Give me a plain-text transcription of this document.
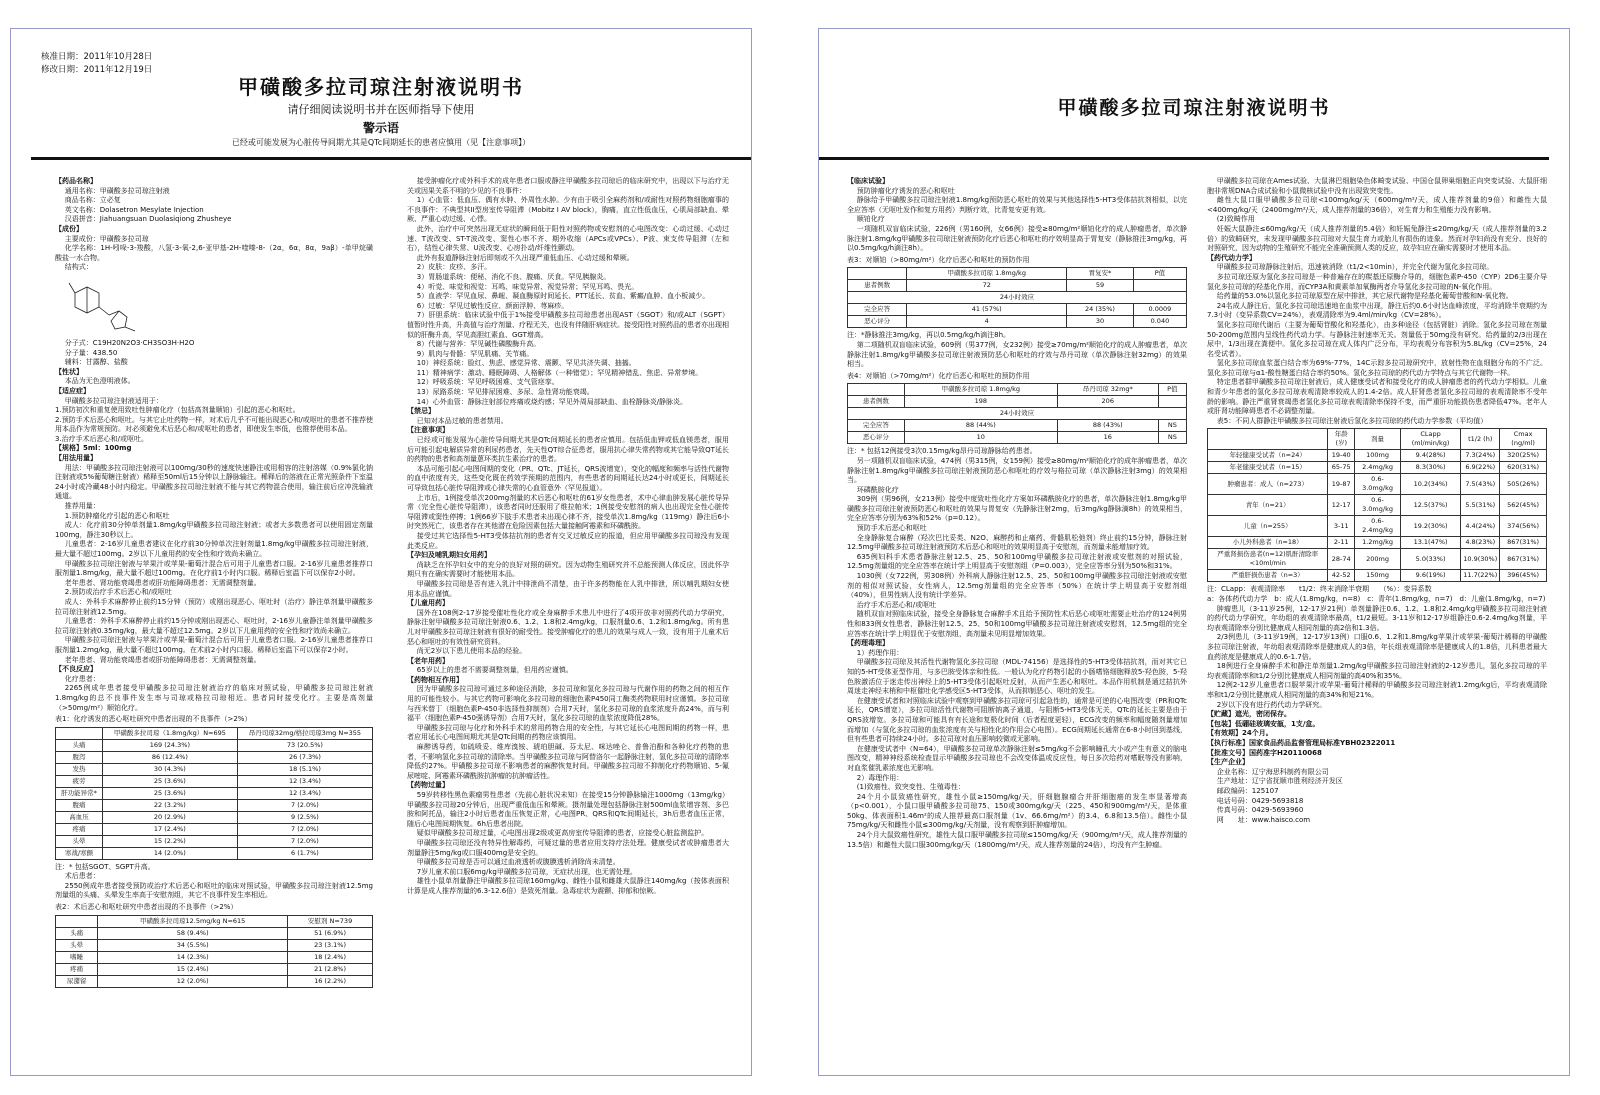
核准日期：2011年10月28日
修改日期：2011年12月19日
甲磺酸多拉司琼注射液说明书
请仔细阅读说明书并在医师指导下使用
警示语
已经或可能发展为心脏传导间期尤其是QTc间期延长的患者应慎用（见【注意事项】）

【药品名称】

通用名称：甲磺酸多拉司琼注射液

商品名称：立必复

英文名称：Dolasetron Mesylate Injection

汉语拼音：Jiahuangsuan Duolasiqiong Zhusheye

【成份】

主要成份：甲磺酸多拉司琼

化学名称：1H-吲哚-3-羧酸，八氢-3-氧-2,6-亚甲基-2H-喹嗪-8-（2α，6α，8α，9aβ）-单甲烷磺酸盐一水合物。

结构式：

分子式：C19H20N2O3·CH3SO3H·H2O

分子量：438.50

辅料：甘露醇、盐酸

【性状】

本品为无色澄明液体。

【适应症】

甲磺酸多拉司琼注射液适用于：

1.预防初次和重复使用致吐性肿瘤化疗（包括高剂量顺铂）引起的恶心和呕吐。

2.预防手术后恶心和呕吐。与其它止吐药物一样，对术后几乎不可能出现恶心和/或呕吐的患者不推荐使用本品作为常规预防。对必须避免术后恶心和/或呕吐的患者，即使发生率低，也推荐使用本品。

3.治疗手术后恶心和/或呕吐。

【规格】5ml：100mg

【用法用量】

用法：甲磺酸多拉司琼注射液可以100mg/30秒的速度快速静注或用相容的注射溶媒（0.9%氯化钠注射液或5%葡萄糖注射液）稀释至50ml后15分钟以上静脉输注。稀释后的溶液在正常光照条件下室温24小时或冷藏48小时内稳定。甲磺酸多拉司琼注射液不能与其它药物混合使用，输注前后应冲洗输液通道。

推荐用量：

1.预防肿瘤化疗引起的恶心和呕吐

成人：化疗前30分钟单剂量1.8mg/kg甲磺酸多拉司琼注射液；或者大多数患者可以使用固定剂量100mg，静注30秒以上。

儿童患者：2-16岁儿童患者建议在化疗前30分钟单次注射剂量1.8mg/kg甲磺酸多拉司琼注射液，最大量不超过100mg。2岁以下儿童用药的安全性和疗效尚未确立。

甲磺酸多拉司琼注射液与苹果汁或苹果-葡萄汁混合后可用于儿童患者口服。2-16岁儿童患者推荐口服剂量1.8mg/kg，最大量不超过100mg。在化疗前1小时内口服。稀释后室温下可以保存2小时。

老年患者、肾功能衰竭患者或肝功能障碍患者：无需调整剂量。

2.预防或治疗手术后恶心和/或呕吐

成人：外科手术麻醉停止前约15分钟（预防）或刚出现恶心、呕吐时（治疗）静注单剂量甲磺酸多拉司琼注射液12.5mg。

儿童患者：外科手术麻醉停止前约15分钟或刚出现恶心、呕吐时，2-16岁儿童静注单剂量甲磺酸多拉司琼注射液0.35mg/kg，最大量不超过12.5mg。2岁以下儿童用药的安全性和疗效尚未确立。

甲磺酸多拉司琼注射液与苹果汁或苹果-葡萄汁混合后可用于儿童患者口服。2-16岁儿童患者推荐口服剂量1.2mg/kg，最大量不超过100mg。在术前2小时内口服。稀释后室温下可以保存2小时。

老年患者、肾功能衰竭患者或肝功能障碍患者：无需调整剂量。

【不良反应】

化疗患者：

2265例成年患者接受甲磺酸多拉司琼注射液治疗的临床对照试验，甲磺酸多拉司琼注射液1.8mg/kg的总不良事件发生率与司琼或格拉司琼相近。患者同时接受化疗。主要是高剂量（>50mg/m²）顺铂化疗。

表1：化疗诱发的恶心呕吐研究中患者出现的不良事件（>2%）
	甲磺酸多拉司琼（1.8mg/kg）N=695	昂丹司琼32mg/格拉司琼3mg N=355
头痛	169 (24.3%)	73 (20.5%)
腹泻	86 (12.4%)	26 (7.3%)
发热	30 (4.3%)	18 (5.1%)
疲劳	25 (3.6%)	12 (3.4%)
肝功能异常*	25 (3.6%)	12 (3.4%)
腹痛	22 (3.2%)	7 (2.0%)
高血压	20 (2.9%)	9 (2.5%)
疼痛	17 (2.4%)	7 (2.0%)
头晕	15 (2.2%)	7 (2.0%)
寒战/寒颤	14 (2.0%)	6 (1.7%)
注：* 包括SGOT、SGPT升高。

术后患者：

2550例成年患者接受预防或治疗术后恶心和呕吐的临床对照试验，甲磺酸多拉司琼注射液12.5mg剂量组的头痛、头晕发生率高于安慰剂组，其它不良事件发生率相近。

表2：术后恶心和呕吐研究中患者出现的不良事件（>2%）
	甲磺酸多拉司琼12.5mg/kg N=615	安慰剂 N=739
头痛	58 (9.4%)	51 (6.9%)
头晕	34 (5.5%)	23 (3.1%)
嗜睡	14 (2.3%)	18 (2.4%)
疼痛	15 (2.4%)	21 (2.8%)
尿潴留	12 (2.0%)	16 (2.2%)

接受肿瘤化疗或外科手术的成年患者口服或静注甲磺酸多拉司琼后的临床研究中，出现以下与治疗无关或因果关系不明的少见的不良事件：

1）心血管：低血压、偶有水肿、外周性水肿。少有由于吸引全麻药剂和/或耐性对照药物细胞瘤事的不良事件：不典型其II型房室传导阻滞（Mobitz I AV block），胸痛，直立性低血压，心肌局部缺血、晕厥、严重心动过缓、心悸。

此外，治疗中可突然出现无症状的瞬间低于阳性对照药物或安慰剂的心电图改变：心动过缓、心动过速、T波改变、ST-T波改变、窦性心率不齐、期外收缩（APCs或VPCs）、P波、束支传导阻滞（左和右），结性心律失常、U波改变、心房扑动/纤维性颤动。

此外有报道静脉注射后即刻或不久出现严重低血压、心动过缓和晕厥。

2）皮肤：皮疹、多汗。

3）胃肠道系统：便秘、消化不良、腹痛、厌食。罕见胰腺炎。

4）听觉、味觉和视觉：耳鸣、味觉异常、视觉异常；罕见耳鸣、畏光。

5）血液学：罕见血尿、鼻衄、凝血酶原时间延长、PTT延长、贫血、紫癜/血肿、血小板减少。

6）过敏：罕见过敏性反应、颜面浮肿、荨麻疹。

7）肝胆系统：临床试验中低于1%接受甲磺酸多拉司琼患者出现AST（SGOT）和/或ALT（SGPT）值暂时性升高，升高值与治疗剂量、疗程无关，也没有伴随肝病症状。接受阳性对照药品的患者亦出现相似的肝酶升高，罕见高胆红素血、GGT增高。

8）代谢与营养：罕见碱性磷酸酶升高。

9）肌肉与骨骼：罕见肌痛、关节痛。

10）神经系统：脸红、焦虑、感觉异常、震颤、罕见共济失调、抽搐。

11）精神病学：激动、睡眠障碍、人格解体（一种错觉）；罕见精神错乱、焦虑、异常梦境。

12）呼吸系统：罕见呼吸困难、支气管痉挛。

13）尿路系统：罕见排尿困难、多尿、急性肾功能衰竭。

14）心外血管：静脉注射部位疼痛或烧灼感；罕见外周局部缺血、血栓静脉炎/静脉炎。

【禁忌】

已知对本品过敏的患者禁用。

【注意事项】

已经或可能发展为心脏传导间期尤其是QTc间期延长的患者应慎用。包括低血钾或低血镁患者，服用后可能引起电解质异常的利尿药患者，先天性QT综合征患者，服用抗心律失常药物或其它能导致QT延长的药物的患者和高剂量蒽环类抗生素治疗的患者。

本品可能引起心电图间期的变化（PR、QTc、JT延长，QRS波增宽），变化的幅度和频率与活性代谢物的血中浓度有关，这些变化既在药效学预期的范围内，有些患者的间期延长达24小时或更长，间期延长可导致包括心脏传导阻滞或心律失常的心血管意外（罕见报道）。

上市后，1例接受单次200mg剂量的术后恶心和呕吐的61岁女性患者，术中心律血肿发展心脏传导异常（完全性心脏传导阻滞），该患者同时还服用了维拉帕米；1例接受安慰剂的病人也出现完全性心脏传导阻滞或窦性停搏；1例66岁下肢手术患者未出现心律不齐，接受单次1.8mg/kg（119mg）静注后6小时突然死亡，该患者存在其他潜在危险因素包括大量接触阿霉素和环磷酰胺。

接受过其它选择性5-HT3受体拮抗剂的患者有交叉过敏反应的报道，但应用甲磺酸多拉司琼没有发现此类反应。

【孕妇及哺乳期妇女用药】

尚缺乏在怀孕妇女中的充分的良好对照的研究。因为动物生殖研究并不总能预测人体反应，因此怀孕期只有在确实需要时才能使用本品。

甲磺酸多拉司琼是否有进入乳汁中排泄尚不清楚，由于许多药物能在人乳中排泄，所以哺乳期妇女使用本品应谨慎。

【儿童用药】

国外在108例2-17岁接受催吐性化疗或全身麻醉手术患儿中进行了4项开放非对照药代动力学研究，静脉注射甲磺酸多拉司琼注射液0.6、1.2、1.8和2.4mg/kg，口服剂量0.6、1.2和1.8mg/kg。所有患儿对甲磺酸多拉司琼注射液有很好的耐受性。接受肿瘤化疗的患儿的效果与成人一致，没有用于儿童术后恶心和呕吐的有效性研究资料。

尚无2岁以下患儿使用本品的经验。

【老年用药】

65岁以上的患者不需要调整剂量，但用药应谨慎。

【药物相互作用】

因为甲磺酸多拉司琼可通过多种途径消除，多拉司琼和氢化多拉司琼与代谢作用的药物之间的相互作用的可能性较小。与其它药物可影响化多拉司琼的细胞色素P450同工酶类药物联用时应谨慎。多拉司琼与西米替丁（细胞色素P-450非选择性抑制剂）合用7天时，氢化多拉司琼的血浆浓度升高24%，而与利福平（细胞色素P-450强诱导剂）合用7天时，氢化多拉司琼的血浆浓度降低28%。

甲磺酸多拉司琼与化疗和外科手术的常用药物合用的安全性，与其它延长心电图间期的药物一样，患者应用延长心电图间期尤其是QTc间期的药物应该慎用。

麻醉诱导药，如硫喷妥、维库溴铵、琥珀胆碱、芬太尼、咪达唑仑、普鲁泊酚和各种化疗药物的患者，不影响氢化多拉司琼的清除率。当甲磺酸多拉司琼与阿替洛尔一起静脉注射，氢化多拉司琼的清除率降低约27%。甲磺酸多拉司琼不影响患者的麻醉恢复时间。甲磺酸多拉司琼不抑制化疗药物顺铂、5-氟尿嘧啶、阿霉素环磷酰胺抗肿瘤的抗肿瘤活性。

【药物过量】

59岁转移性黑色素瘤男性患者（先前心脏状况未知）在接受15分钟静脉输注1000mg（13mg/kg）甲磺酸多拉司琼20分钟后，出现严重低血压和晕厥。摄剂量处理包括静脉注射500ml血浆增容剂、多巴胺和阿托品，输注2小时后患者血压恢复正常，心电图PR、QRS和QTc间期延长，3h后患者血压正常，随后心电图间期恢复。6h后患者出院。

疑似甲磺酸多拉司琼过量，心电图出现2级或更高房室传导阻滞的患者，应接受心脏监测监护。

甲磺酸多拉司琼还没有特异性解毒药，可疑过量的患者应用支持疗法处理。健康受试者或肿瘤患者大剂量静注5mg/kg或口服400mg是安全的。

甲磺酸多拉司琼是否可以通过血液透析或腹膜透析消除尚未清楚。

7岁儿童术前口服6mg/kg甲磺酸多拉司琼，无症状出现，也无需处理。

雄性小鼠单剂量静注甲磺酸多拉司琼160mg/kg、雌性小鼠和雌雄大鼠静注140mg/kg（按体表面积计算是成人推荐剂量的6.3-12.6倍）是致死剂量。急毒症状为震颤、抑郁和惊厥。

甲磺酸多拉司琼注射液说明书

【临床试验】

预防肿瘤化疗诱发的恶心和呕吐

静脉给予甲磺酸多拉司琼注射液1.8mg/kg预防恶心呕吐的效果与其他选择性5-HT3受体拮抗剂相似，以完全应答率（无呕吐发作和复方用药）判断疗效，比青复安更有效。

顺铂化疗

一项随机双盲临床试验，226例（男160例，女66例）接受≥80mg/m²顺铂化疗的成人肿瘤患者，单次静脉注射1.8mg/kg甲磺酸多拉司琼注射液预防化疗后恶心和呕吐的疗效明显高于胃复安（静脉推注3mg/kg，再以0.5mg/kg/h滴注8h）。

表3：对顺铂（>80mg/m²）化疗后恶心和呕吐的预防作用
	甲磺酸多拉司琼 1.8mg/kg	胃复安*	P值
患者例数	72	59	
24小时效应			
完全应答	41 (57%)	24 (35%)	0.0009
恶心评分	4	30	0.040
注：*静脉推注3mg/kg，再以0.5mg/kg/h滴注8h。

第二项随机双盲临床试验，609例（男377例，女232例）接受≥70mg/m²顺铂化疗的成人肿瘤患者，单次静脉注射1.8mg/kg甲磺酸多拉司琼注射液预防恶心和呕吐的疗效与昂丹司琼（单次静脉注射32mg）的效果相当。

表4：对顺铂（>70mg/m²）化疗后恶心和呕吐的预防作用
	甲磺酸多拉司琼 1.8mg/kg	昂丹司琼 32mg*	P值
患者例数	198	206	
24小时效应			
完全应答	88 (44%)	88 (43%)	NS
恶心评分	10	16	NS
注：* 包括12例接受3次0.15mg/kg昂丹司琼静脉给药患者。

另一项随机双盲临床试验，474例（男315例，女159例）接受≥80mg/m²顺铂化疗的成年肿瘤患者，单次静脉注射1.8mg/kg甲磺酸多拉司琼注射液预防恶心和呕吐的疗效与格拉司琼（单次静脉注射3mg）的效果相当。

环磷酰胺化疗

309例（男96例，女213例）接受中度致吐性化疗方案如环磷酰胺化疗的患者，单次静脉注射1.8mg/kg甲磺酸多拉司琼注射液预防恶心和呕吐的效果与胃复安（先静脉注射2mg，后3mg/kg静脉滴8h）的效果相当，完全应答率分别为63%和52%（p=0.12）。

预防手术后恶心和呕吐

全身静脉复合麻醉（羟次巴比妥类、N2O、麻醉药和止痛药、骨骼肌松弛剂）终止前约15分钟，静脉注射12.5mg甲磺酸多拉司琼注射液预防术后恶心和呕吐的效果明显高于安慰剂，而剂量未能增加疗效。

635例妇科手术患者静脉注射12.5、25、50和100mg甲磺酸多拉司琼注射液或安慰剂的对照试验，12.5mg剂量组的完全应答率在统计学上明显高于安慰剂组（P=0.003），完全应答率分别为50%和31%。

1030例（女722例，男308例）外科病人静脉注射12.5、25、50和100mg甲磺酸多拉司琼注射液或安慰剂的相似对照试验，女性病人，12.5mg剂量组的完全应答率（50%）在统计学上明显高于安慰剂组（40%），但男性病人没有统计学差异。

治疗手术后恶心和/或呕吐

随机双盲对照临床试验，接受全身静脉复合麻醉手术且给予预防性术后恶心或呕吐需要止吐治疗的124例男性和833例女性患者，静脉注射12.5、25、50和100mg甲磺酸多拉司琼注射液或安慰剂，12.5mg组的完全应答率在统计学上明显优于安慰剂组，高剂量未见明显增加效果。

【药理毒理】

1）药理作用：

甲磺酸多拉司琼及其活性代谢物氢化多拉司琼（MDL-74156）是选择性的5-HT3受体拮抗剂，而对其它已知的5-HT受体亚型作用，与多巴胺受体亲和性低。一般认为化疗药物引起的小肠嗜铬细胞释放5-羟色胺，5-羟色胺激活位于迷走传出神经上的5-HT3受体引起呕吐反射，从而产生恶心和呕吐。本品作用机制是通过拮抗外周迷走神经末梢和中枢催吐化学感受区5-HT3受体，从而抑制恶心、呕吐的发生。

在健康受试者和对照临床试验中观察到甲磺酸多拉司琼可引起急性的，通常是可逆的心电图改变（PR和QTc延长，QRS增宽），多拉司琼活性代谢物可阻断钠离子通道，与阻断5-HT3受体无关，QTc的延长主要是由于QRS波增宽。多拉司琼和可能具有有长途和复极化时间（后者程度更轻），ECG改变的频率和幅度随剂量增加而增加（与氢化多拉司琼的血浆浓度有关与相性化的作用会心电图）。ECG间期延长通常在6-8小时回到基线，但有些患者可持续24小时。多拉司琼对血压影响较微或无影响。

在健康受试者中（N=64），甲磺酸多拉司琼单次静脉注射≤5mg/kg不会影响瞳孔大小或产生有意义的脑电图改变，精神神经系统检查显示甲磺酸多拉司琼也不会改变体温或反应性，每日多次给药对嗜眠等没有影响，对血浆催乳素浓度也无影响。

2）毒理作用：

(1)致癌性、致突变性、生殖毒性：

24个月小鼠致癌性研究，雄性小鼠≥150mg/kg/天，肝细胞腺瘤合并肝细胞癌的发生率显著增高（p<0.001），小鼠口服甲磺酸多拉司琼75、150或300mg/kg/天（225、450和900mg/m²/天，是体重50kg、体表面积1.46m²的成人推荐最高口服剂量（1v、66.6mg/m²）的3.4、6.8和13.5倍）。雌性小鼠75mg/kg/天和雌性小鼠≤300mg/kg/天剂量，没有观察到肝肿瘤增加。

24个月大鼠致癌性研究，雄性大鼠口服甲磺酸多拉司琼≤150mg/kg/天（900mg/m²/天，成人推荐剂量的13.5倍）和雌性大鼠口服300mg/kg/天（1800mg/m²/天，成人推荐剂量的24倍），均没有产生肿瘤。

甲磺酸多拉司琼在Ames试验、大鼠淋巴细胞染色体畸变试验、中国仓鼠卵巢细胞正向突变试验、大鼠肝细胞非常规DNA合成试验和小鼠微核试验中没有出现致突变性。

雌性大鼠口服甲磺酸多拉司琼<100mg/kg/天（600mg/m²/天，成人推荐剂量的9倍）和雌性大鼠<400mg/kg/天（2400mg/m²/天，成人推荐剂量的36倍），对生育力和生殖能力没有影响。

(2)致畸作用

妊娠大鼠静注≤60mg/kg/天（成人推荐剂量的5.4倍）和妊娠兔静注≤20mg/kg/天（成人推荐剂量的3.2倍）的致畸研究，未发现甲磺酸多拉司琼对大鼠生育力或胎儿有损伤的迹象。然而对孕妇尚没有充分、良好的对照研究，因为动物的生殖研究不能完全准确预测人类的反应，故孕妇应在确实需要时才使用本品。

【药代动力学】

甲磺酸多拉司琼静脉注射后，迅速被消除（t1/2<10min），并完全代谢为氢化多拉司琼。

多拉司琼还原为氢化多拉司琼是一种普遍存在的羰基还原酶介导的，细胞色素P-450（CYP）2D6主要介导氢化多拉司琼的羟基化作用，而CYP3A和黄素单加氧酶两者介导氢化多拉司琼的N-氧化作用。

给药量的53.0%以氢化多拉司琼原型在尿中排泄，其它尿代谢物是羟基化葡萄苷酸和N-氧化物。

24名成人静注后，氢化多拉司琼迅速地在血浆中出现，静注后约0.6小时达血峰浓度，平均消除半衰期约为7.3小时（变异系数CV=24%），表观清除率为9.4ml/min/kg（CV=28%）。

氢化多拉司琼代谢后（主要为葡萄苷酸化和羟基化），由多种途径（包括肾脏）消除。氢化多拉司琼在剂量50-200mg范围内呈线性药代动力学。与静脉注射速率无关。剂量低于50mg没有研究。给药量的2/3出现在尿中，1/3出现在粪便中。氢化多拉司琼在成人体内广泛分布，平均表观分布容积为5.8L/kg（CV=25%，24名受试者）。

氢化多拉司琼血浆蛋白结合率为69%-77%，14C示踪多拉司琼研究中，放射性物在血细胞分布的不广泛。氢化多拉司琼与α1-酸性糖蛋白结合率约50%。氢化多拉司琼的药代动力学特点与其它代谢物一样。

特定患者群甲磺酸多拉司琼注射液后，成人健康受试者和接受化疗的成人肿瘤患者的药代动力学相似。儿童和青少年患者的氢化多拉司琼表观清除率较成人的1.4-2倍。成人肝肾患者氢化多拉司琼的表观清除率不受年龄的影响。静注严重肾衰竭患者氢化多拉司琼表观清除率保持不变，而严重肝功能损伤患者降低47%。老年人或肝肾功能障碍患者不必调整剂量。

表5：不同人群静注甲磺酸多拉司琼注射液后氢化多拉司琼的药代动力学参数（平均值）

	年龄(岁)	剂量	CLapp (ml/min/kg)	t1/2 (h)	Cmax (ng/ml)
年轻健康受试者（n=24）	19-40	100mg	9.4(28%)	7.3(24%)	320(25%)
年老健康受试者（n=15）	65-75	2.4mg/kg	8.3(30%)	6.9(22%)	620(31%)
肿瘤患者：成人（n=273）	19-87	0.6-3.0mg/kg	10.2(34%)	7.5(43%)	505(26%)
青年（n=21）	12-17	0.6-3.0mg/kg	12.5(37%)	5.5(31%)	562(45%)
儿童（n=255）	3-11	0.6-2.4mg/kg	19.2(30%)	4.4(24%)	374(56%)
小儿外科患者（n=18）	2-11	1.2mg/kg	13.1(47%)	4.8(23%)	867(31%)
严重肾损伤患者(n=12)肌酐清除率<10ml/min	28-74	200mg	5.0(33%)	10.9(30%)	867(31%)
严重肝损伤患者（n=3）	42-52	150mg	9.6(19%)	11.7(22%)	396(45%)
注：CLapp：表观清除率　　t1/2：终末消除半衰期　　（%）：变异系数
a：各体药代动力学　b：成人(1.8mg/kg，n=8)　c：青年(1.8mg/kg，n=7)　d：儿童(1.8mg/kg，n=7)

肿瘤患儿（3-11岁25例，12-17岁21例）单剂量静注0.6、1.2、1.8和2.4mg/kg甲磺酸多拉司琼注射液的药代动力学研究，年幼组的表观清除率最高，t1/2最短。3-11岁和12-17岁组静注0.6-2.4mg/kg剂量，平均表观清除率分别比健康成人相同剂量的高2倍和1.3倍。

2/3例患儿（3-11岁19例，12-17岁13例）口服0.6、1.2和1.8mg/kg苹果汁或苹果-葡萄汁稀释的甲磺酸多拉司琼注射液，年幼组表观清除率是健康成人的3倍，年长组表观清除率是健康成人的1.8倍，儿科患者最大血药浓度是健康成人的0.6-1.7倍。

18例进行全身麻醉手术和静注单剂量1.2mg/kg甲磺酸多拉司琼注射液的2-12岁患儿，氢化多拉司琼的平均表观清除率和t1/2分别比健康成人相同剂量的高40%和35%。

12例2-12岁儿童患者口服苹果汁或苹果-葡萄汁稀释的甲磺酸多拉司琼注射液1.2mg/kg后，平均表观清除率和t1/2分别比健康成人相同剂量的高34%和短21%。

2岁以下没有进行药代动力学研究。

【贮藏】遮光，密闭保存。

【包装】低硼硅玻璃安瓿，1支/盒。

【有效期】24个月。

【执行标准】国家食品药品监督管理局标准YBH02322011

【批准文号】国药准字H20110068

【生产企业】

企业名称：辽宁海思科制药有限公司

生产地址：辽宁省抚顺市胜利经济开发区

邮政编码：125107

电话号码：0429-5693818

传真号码：0429-5693960

网　　址：www.haisco.com
